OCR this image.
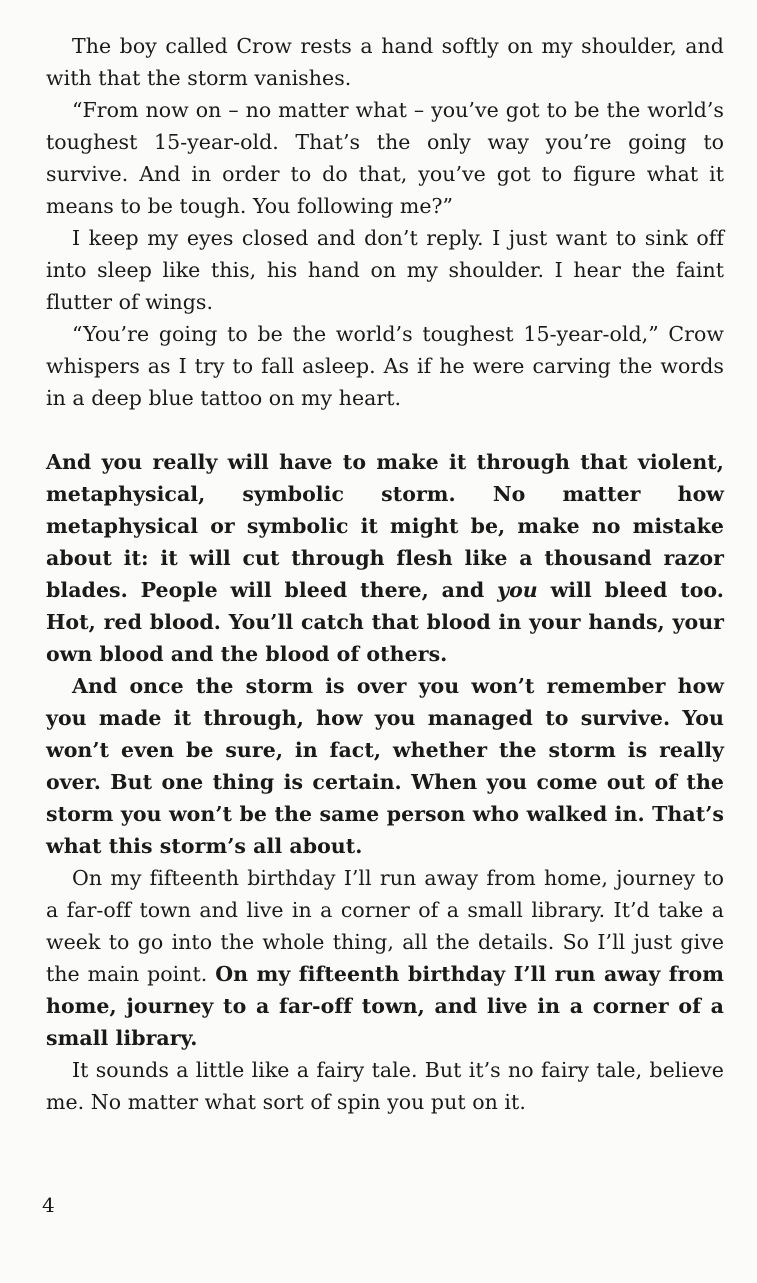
The boy called Crow rests a hand softly on my shoulder, and with that the storm vanishes.

“From now on – no matter what – you’ve got to be the world’s toughest 15-year-old. That’s the only way you’re going to survive. And in order to do that, you’ve got to figure what it means to be tough. You following me?”

I keep my eyes closed and don’t reply. I just want to sink off into sleep like this, his hand on my shoulder. I hear the faint flutter of wings.

“You’re going to be the world’s toughest 15-year-old,” Crow whispers as I try to fall asleep. As if he were carving the words in a deep blue tattoo on my heart.

And you really will have to make it through that violent, metaphysical, symbolic storm. No matter how metaphysical or symbolic it might be, make no mistake about it: it will cut through flesh like a thousand razor blades. People will bleed there, and you will bleed too. Hot, red blood. You’ll catch that blood in your hands, your own blood and the blood of others.

And once the storm is over you won’t remember how you made it through, how you managed to survive. You won’t even be sure, in fact, whether the storm is really over. But one thing is certain. When you come out of the storm you won’t be the same person who walked in. That’s what this storm’s all about.

On my fifteenth birthday I’ll run away from home, journey to a far-off town and live in a corner of a small library. It’d take a week to go into the whole thing, all the details. So I’ll just give the main point. On my fifteenth birthday I’ll run away from home, journey to a far-off town, and live in a corner of a small library.

It sounds a little like a fairy tale. But it’s no fairy tale, believe me. No matter what sort of spin you put on it.

4
